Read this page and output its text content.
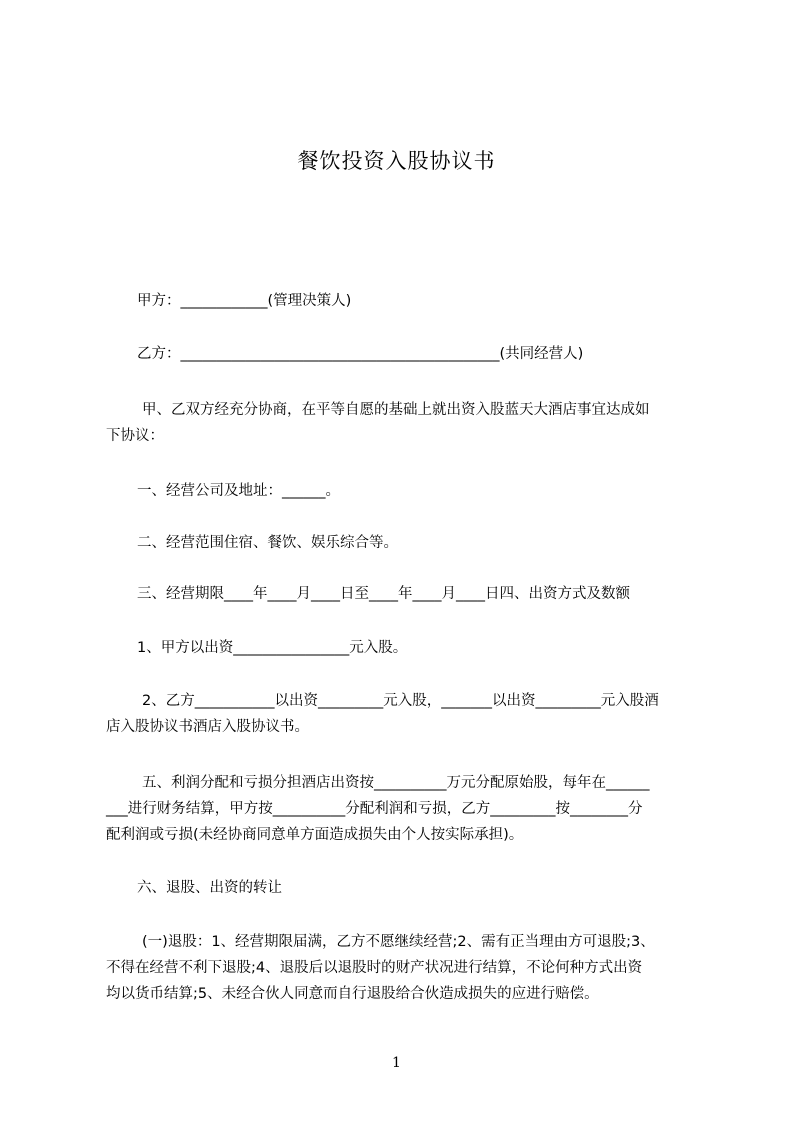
餐饮投资入股协议书
甲方：____________(管理决策人)
乙方：____________________________________________(共同经营人)
甲、乙双方经充分协商，在平等自愿的基础上就出资入股蓝天大酒店事宜达成如
下协议：
一、经营公司及地址：______。
二、经营范围住宿、餐饮、娱乐综合等。
三、经营期限____年____月____日至____年____月____日四、出资方式及数额
1、甲方以出资________________元入股。
2、乙方___________以出资_________元入股，_______以出资_________元入股酒
店入股协议书酒店入股协议书。
五、利润分配和亏损分担酒店出资按__________万元分配原始股，每年在______
___进行财务结算，甲方按__________分配利润和亏损，乙方_________按________分
配利润或亏损(未经协商同意单方面造成损失由个人按实际承担)。
六、退股、出资的转让
(一)退股：1、经营期限届满，乙方不愿继续经营;2、需有正当理由方可退股;3、
不得在经营不利下退股;4、退股后以退股时的财产状况进行结算，不论何种方式出资
均以货币结算;5、未经合伙人同意而自行退股给合伙造成损失的应进行赔偿。
1
